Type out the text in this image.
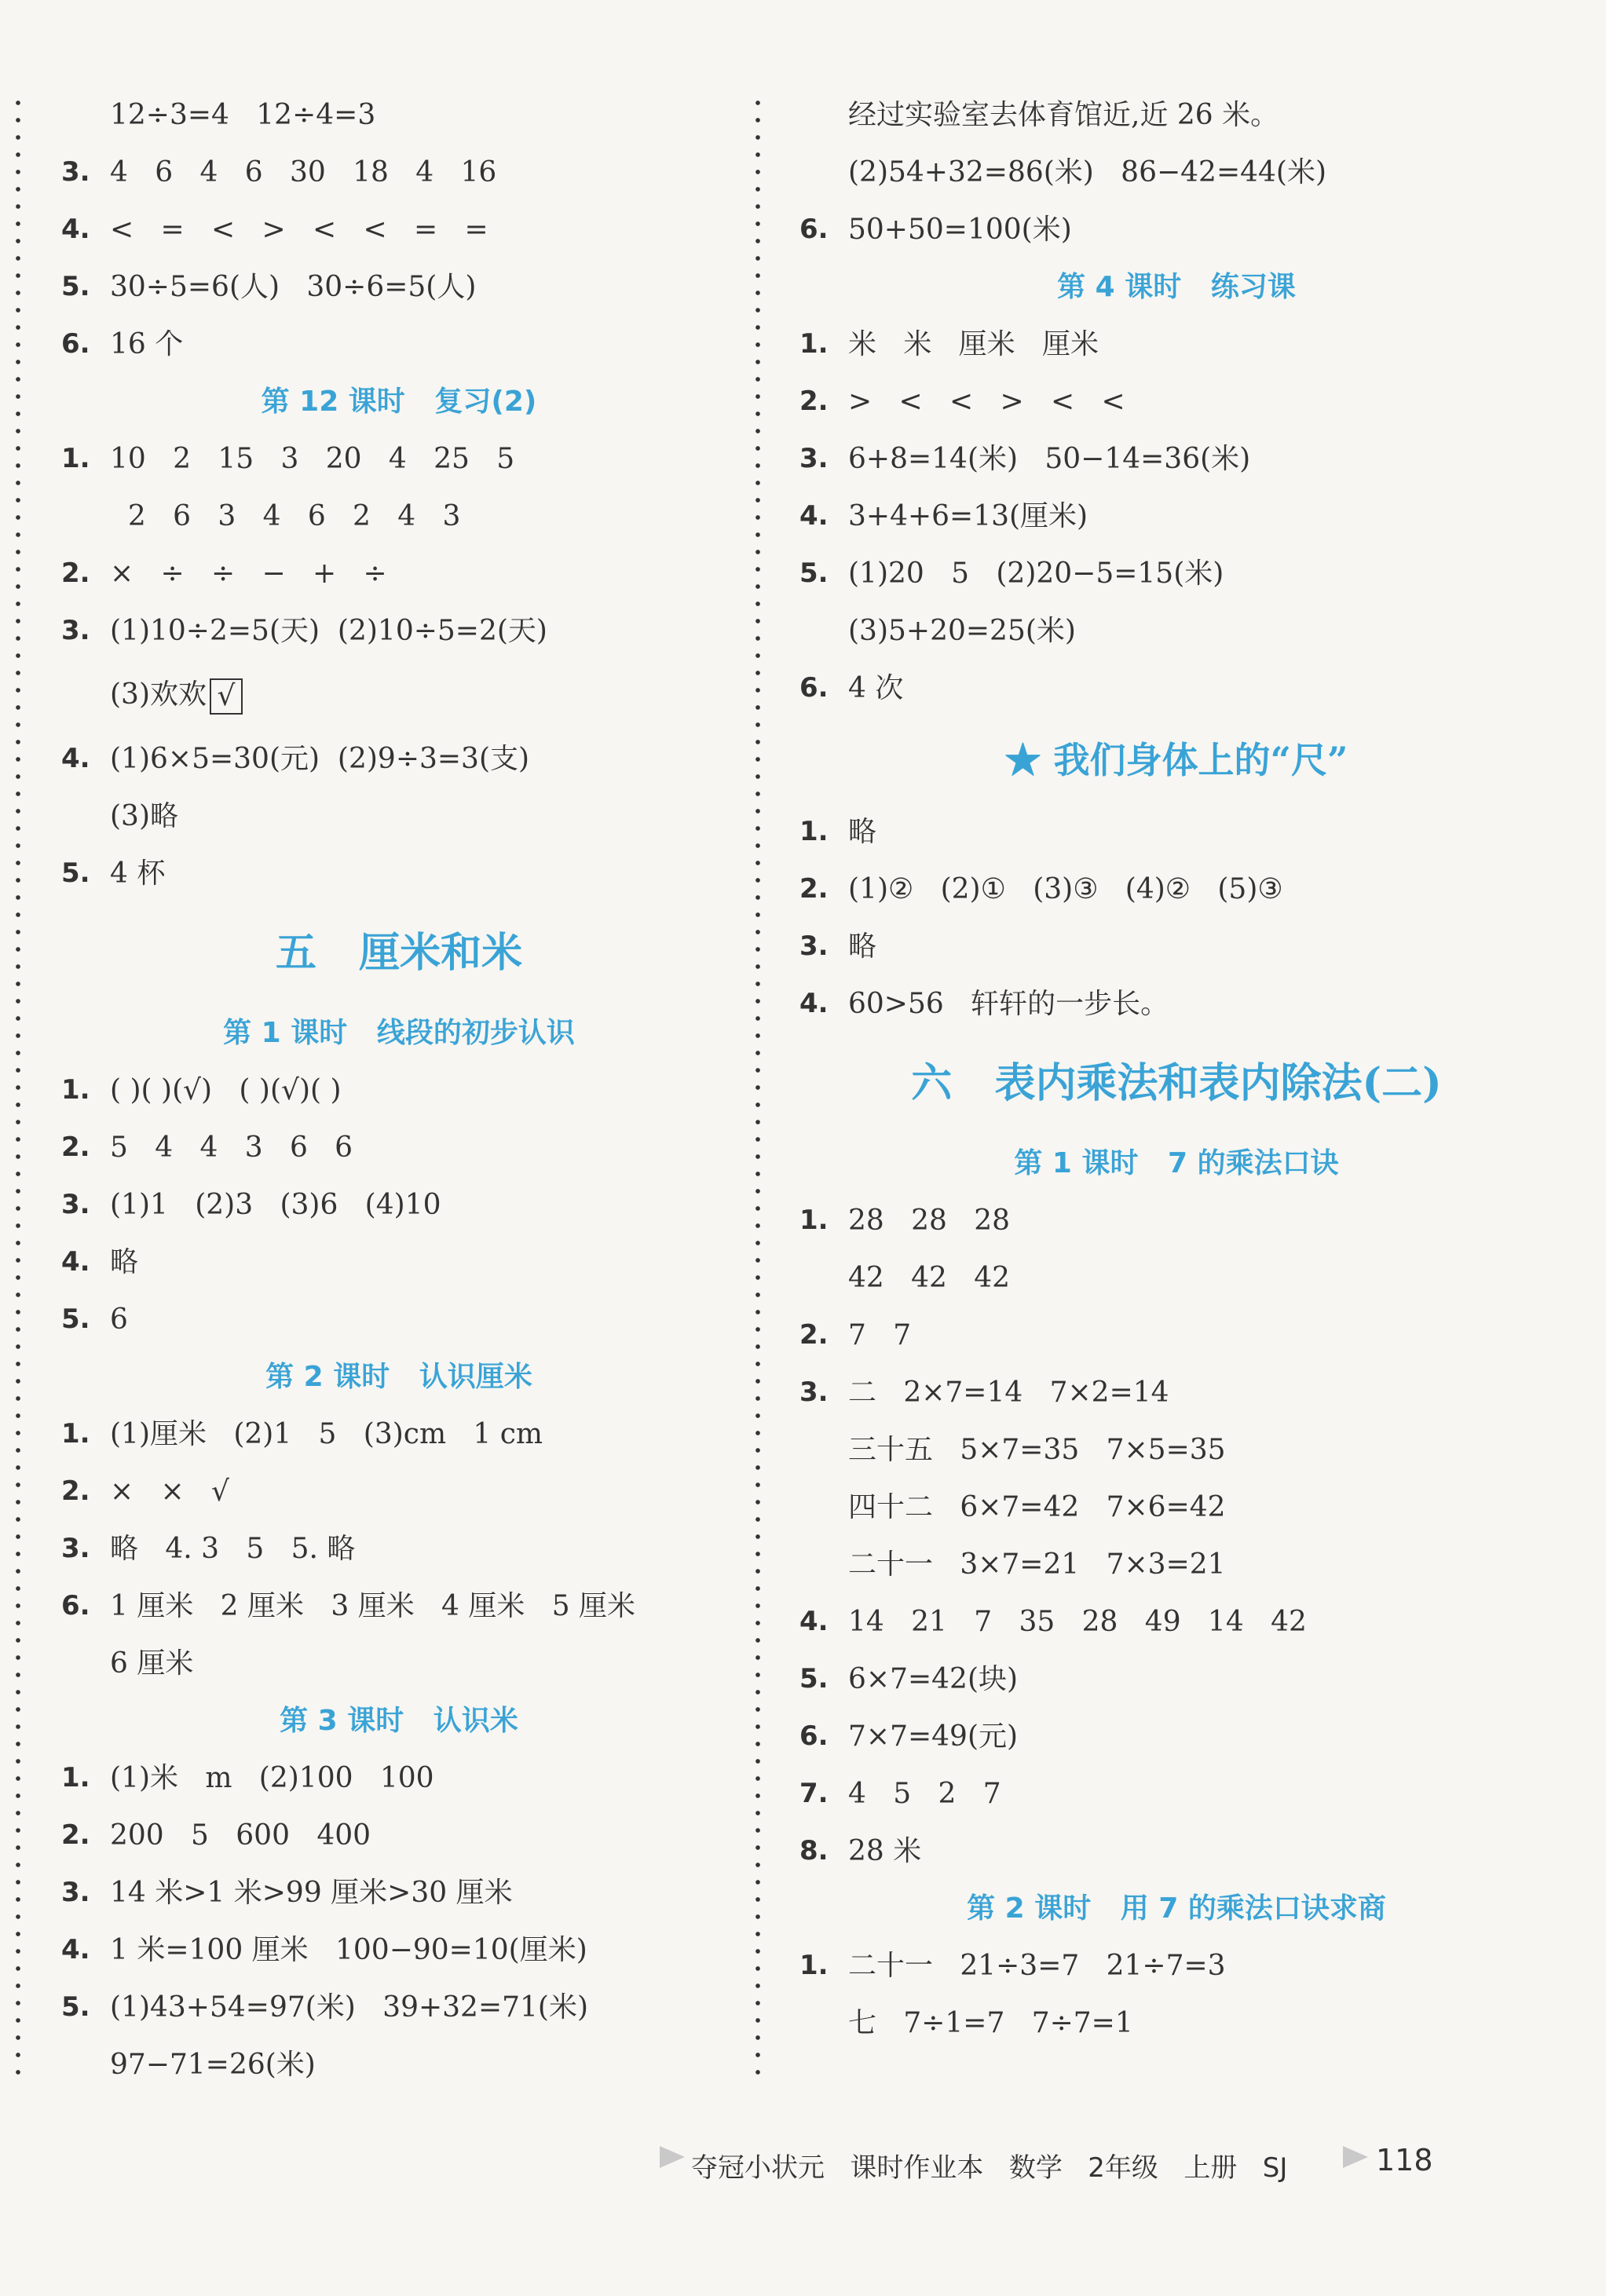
12÷3=4   12÷4=3
3. 4   6   4   6   30   18   4   16
4. <   =   <   >   <   <   =   =
5. 30÷5=6(人)   30÷6=5(人)
6. 16 个
第 12 课时   复习(2)
1. 10   2   15   3   20   4   25   5
2   6   3   4   6   2   4   3
2. ×   ÷   ÷   −   +   ÷
3. (1)10÷2=5(天)  (2)10÷5=2(天)
(3)欢欢 √
4. (1)6×5=30(元)  (2)9÷3=3(支)
(3)略
5. 4 杯
五   厘米和米
第 1 课时   线段的初步认识
1. ( )( )(√)   ( )(√)( )
2. 5   4   4   3   6   6
3. (1)1   (2)3   (3)6   (4)10
4. 略
5. 6
第 2 课时   认识厘米
1. (1)厘米   (2)1   5   (3)cm   1 cm
2. ×   ×   √
3. 略   4. 3   5   5. 略
6. 1 厘米   2 厘米   3 厘米   4 厘米   5 厘米
6 厘米
第 3 课时   认识米
1. (1)米   m   (2)100   100
2. 200   5   600   400
3. 14 米>1 米>99 厘米>30 厘米
4. 1 米=100 厘米   100−90=10(厘米)
5. (1)43+54=97(米)   39+32=71(米)
97−71=26(米)
经过实验室去体育馆近,近 26 米。
(2)54+32=86(米)   86−42=44(米)
6. 50+50=100(米)
第 4 课时   练习课
1. 米   米   厘米   厘米
2. >   <   <   >   <   <
3. 6+8=14(米)   50−14=36(米)
4. 3+4+6=13(厘米)
5. (1)20   5   (2)20−5=15(米)
(3)5+20=25(米)
6. 4 次
★ 我们身体上的“尺”
1. 略
2. (1)②   (2)①   (3)③   (4)②   (5)③
3. 略
4. 60>56   轩轩的一步长。
六   表内乘法和表内除法(二)
第 1 课时   7 的乘法口诀
1. 28   28   28
42   42   42
2. 7   7
3. 二   2×7=14   7×2=14
三十五   5×7=35   7×5=35
四十二   6×7=42   7×6=42
二十一   3×7=21   7×3=21
4. 14   21   7   35   28   49   14   42
5. 6×7=42(块)
6. 7×7=49(元)
7. 4   5   2   7
8. 28 米
第 2 课时   用 7 的乘法口诀求商
1. 二十一   21÷3=7   21÷7=3
七   7÷1=7   7÷7=1
夺冠小状元   课时作业本   数学   2年级   上册   SJ	118
